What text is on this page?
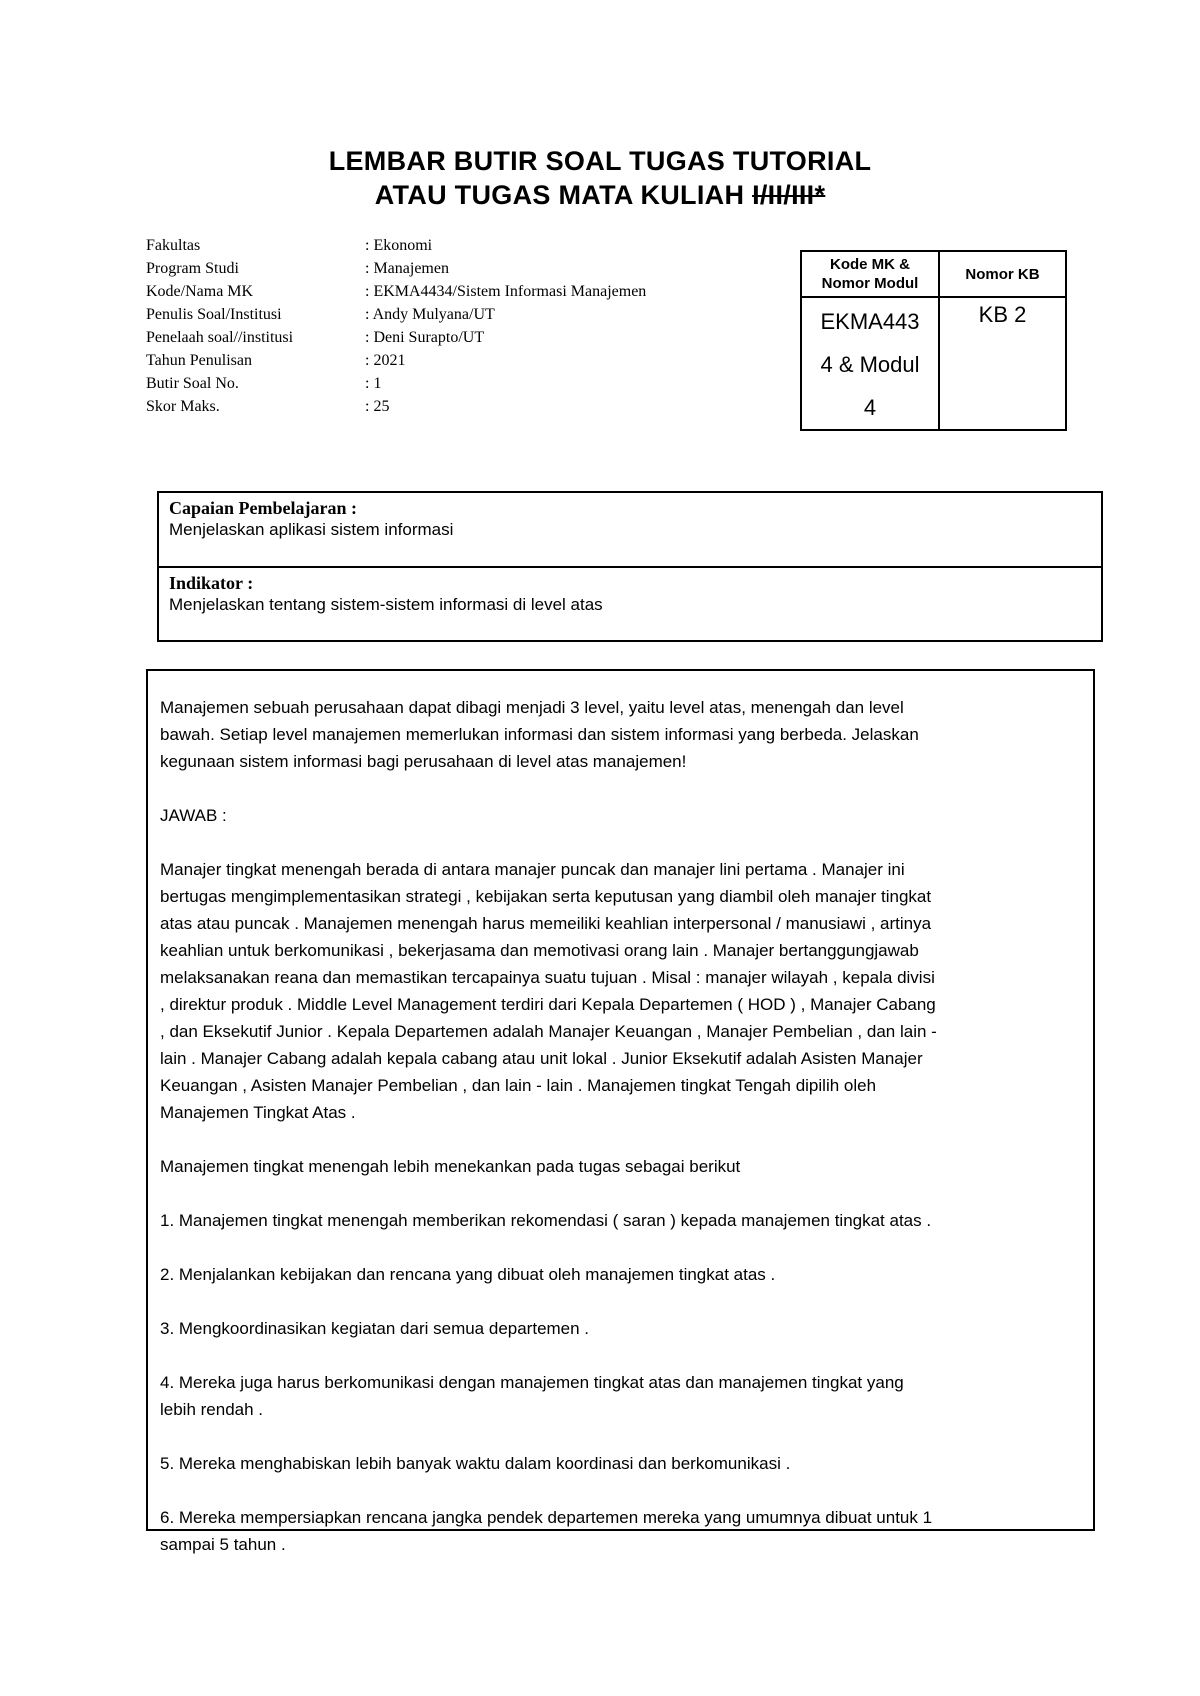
LEMBAR BUTIR SOAL TUGAS TUTORIAL
ATAU TUGAS MATA KULIAH I/II/III*
Fakultas	: Ekonomi
Program Studi	: Manajemen
Kode/Nama MK	: EKMA4434/Sistem Informasi Manajemen
Penulis Soal/Institusi	: Andy Mulyana/UT
Penelaah soal//institusi	: Deni Surapto/UT
Tahun Penulisan	: 2021
Butir Soal No.	: 1
Skor Maks.	: 25
Kode MK &
Nomor Modul	Nomor KB

EKMA443
4 & Modul
4	KB 2
Capaian Pembelajaran :
Menjelaskan aplikasi sistem informasi
Indikator :
Menjelaskan tentang sistem-sistem informasi di level atas

Manajemen sebuah perusahaan dapat dibagi menjadi 3 level, yaitu level atas, menengah dan level
bawah. Setiap level manajemen memerlukan informasi dan sistem informasi yang berbeda. Jelaskan
kegunaan sistem informasi bagi perusahaan di level atas manajemen!

JAWAB :

Manajer tingkat menengah berada di antara manajer puncak dan manajer lini pertama . Manajer ini
bertugas mengimplementasikan strategi , kebijakan serta keputusan yang diambil oleh manajer tingkat
atas atau puncak . Manajemen menengah harus memeiliki keahlian interpersonal / manusiawi , artinya
keahlian untuk berkomunikasi , bekerjasama dan memotivasi orang lain . Manajer bertanggungjawab
melaksanakan reana dan memastikan tercapainya suatu tujuan . Misal : manajer wilayah , kepala divisi
, direktur produk . Middle Level Management terdiri dari Kepala Departemen ( HOD ) , Manajer Cabang
, dan Eksekutif Junior . Kepala Departemen adalah Manajer Keuangan , Manajer Pembelian , dan lain -
lain . Manajer Cabang adalah kepala cabang atau unit lokal . Junior Eksekutif adalah Asisten Manajer
Keuangan , Asisten Manajer Pembelian , dan lain - lain . Manajemen tingkat Tengah dipilih oleh
Manajemen Tingkat Atas .

Manajemen tingkat menengah lebih menekankan pada tugas sebagai berikut

1. Manajemen tingkat menengah memberikan rekomendasi ( saran ) kepada manajemen tingkat atas .

2. Menjalankan kebijakan dan rencana yang dibuat oleh manajemen tingkat atas .

3. Mengkoordinasikan kegiatan dari semua departemen .

4. Mereka juga harus berkomunikasi dengan manajemen tingkat atas dan manajemen tingkat yang
lebih rendah .

5. Mereka menghabiskan lebih banyak waktu dalam koordinasi dan berkomunikasi .

6. Mereka mempersiapkan rencana jangka pendek departemen mereka yang umumnya dibuat untuk 1
sampai 5 tahun .
